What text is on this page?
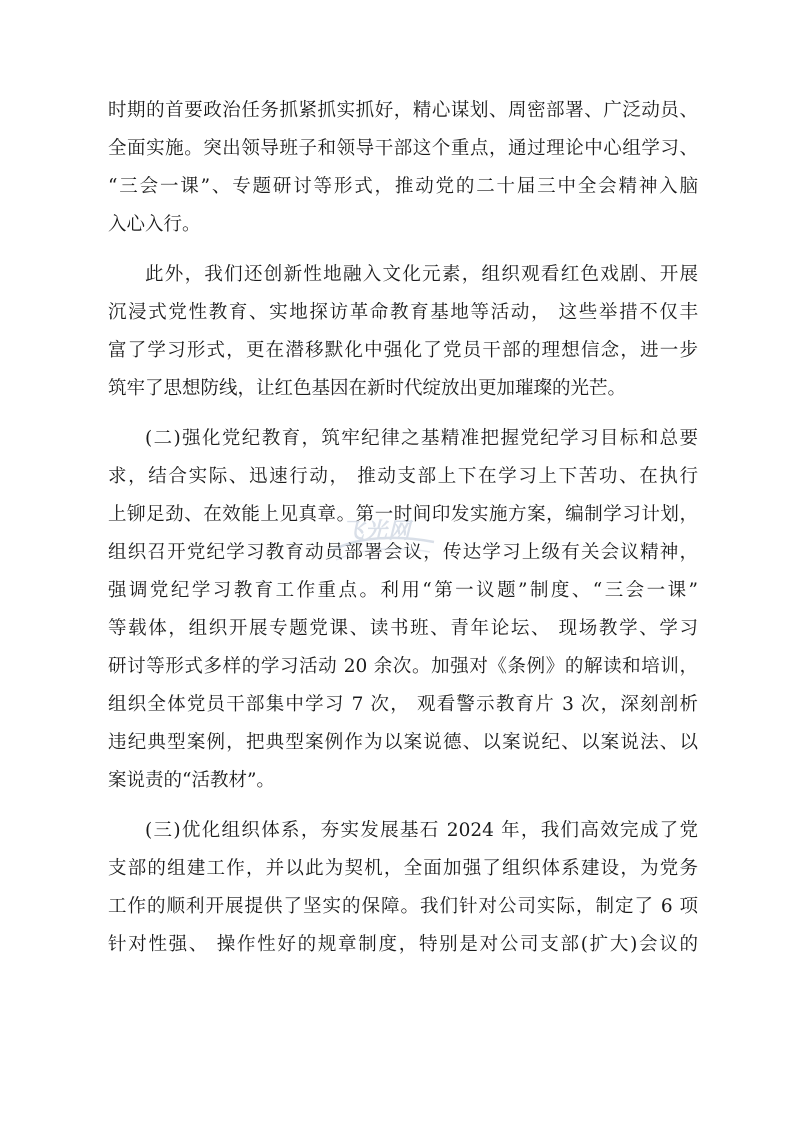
时期的首要政治任务抓紧抓实抓好，精心谋划、周密部署、广泛动员、
全面实施。突出领导班子和领导干部这个重点，通过理论中心组学习、
“三会一课”、专题研讨等形式，推动党的二十届三中全会精神入脑
入心入行。
此外，我们还创新性地融入文化元素，组织观看红色戏剧、开展
沉浸式党性教育、实地探访革命教育基地等活动， 这些举措不仅丰
富了学习形式，更在潜移默化中强化了党员干部的理想信念，进一步
筑牢了思想防线，让红色基因在新时代绽放出更加璀璨的光芒。
(二)强化党纪教育，筑牢纪律之基精准把握党纪学习目标和总要
求，结合实际、迅速行动， 推动支部上下在学习上下苦功、在执行
上铆足劲、在效能上见真章。第一时间印发实施方案，编制学习计划，
组织召开党纪学习教育动员部署会议，传达学习上级有关会议精神，
强调党纪学习教育工作重点。利用“第一议题”制度、“三会一课”
等载体，组织开展专题党课、读书班、青年论坛、 现场教学、学习
研讨等形式多样的学习活动 20 余次。加强对《条例》的解读和培训，
组织全体党员干部集中学习 7 次， 观看警示教育片 3 次，深刻剖析
违纪典型案例，把典型案例作为以案说德、以案说纪、以案说法、以
案说责的“活教材”。
(三)优化组织体系，夯实发展基石 2024 年，我们高效完成了党
支部的组建工作，并以此为契机，全面加强了组织体系建设，为党务
工作的顺利开展提供了坚实的保障。我们针对公司实际，制定了 6 项
针对性强、 操作性好的规章制度，特别是对公司支部(扩大)会议的
飞光网
